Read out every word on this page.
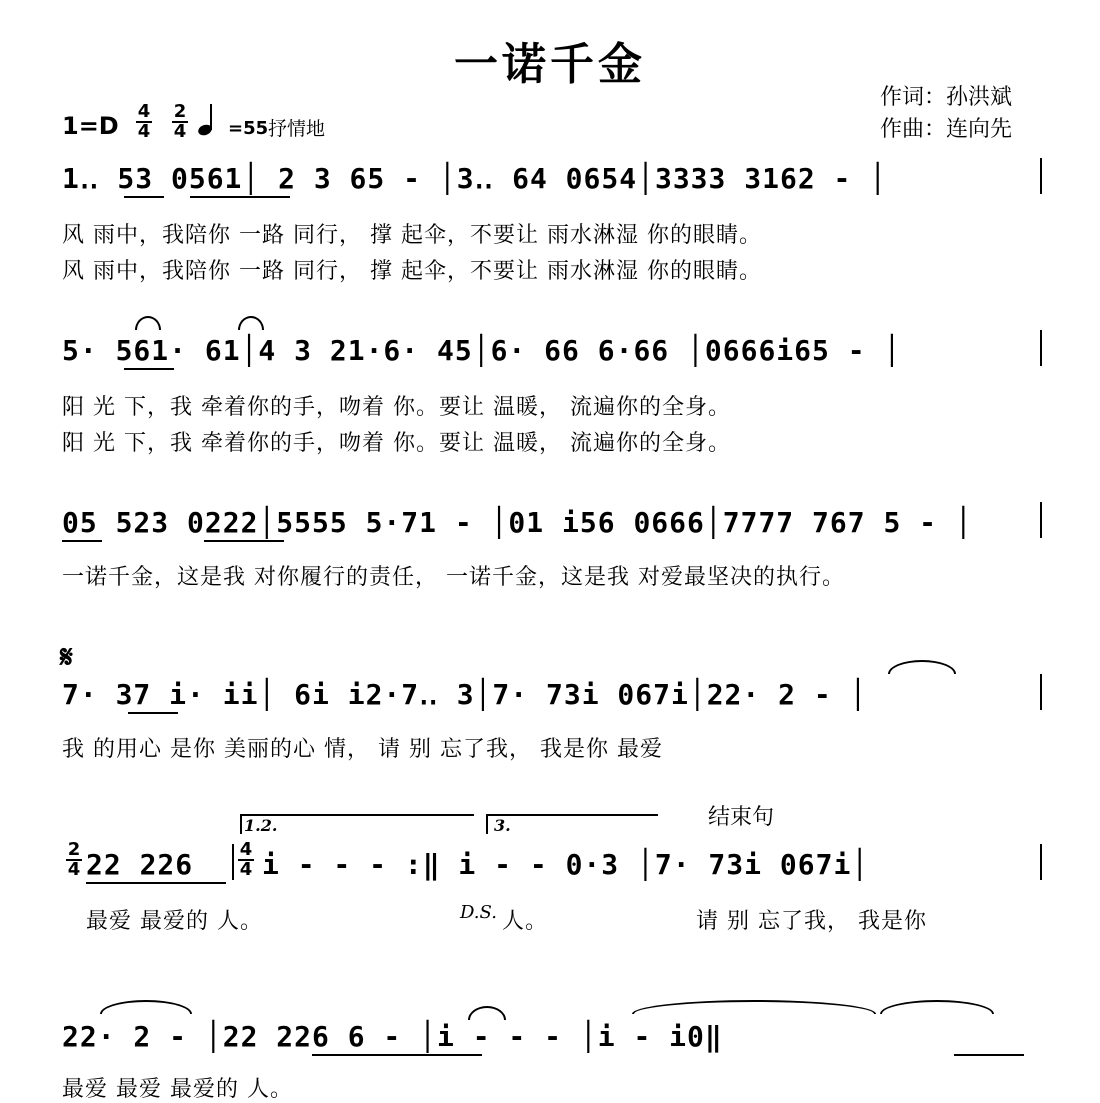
一诺千金
作词：孙洪斌
作曲：连向先
1=D
4
4
2
4 =55 抒情地
1‥ 53 0561│ 2 3 65 - │3‥ 64 0654│3333 3162 - │
风 雨中，我陪你 一路 同行， 撑 起伞，不要让 雨水淋湿 你的眼睛。
风 雨中，我陪你 一路 同行， 撑 起伞，不要让 雨水淋湿 你的眼睛。
5· 561· 61│4 3 21·6· 45│6· 66 6·66 │0666i65 - │
阳 光 下，我 牵着你的手，吻着 你。要让 温暖， 流遍你的全身。
阳 光 下，我 牵着你的手，吻着 你。要让 温暖， 流遍你的全身。
05 523 0222│5555 5·71 - │01 i56 0666│7777 767 5 - │
一诺千金，这是我 对你履行的责任， 一诺千金，这是我 对爱最坚决的执行。
𝄋
7· 37 i· ii│ 6i i2·7‥ 3│7· 73i 067i│22· 2 - │
我 的用心 是你 美丽的心 情， 请 别 忘了我， 我是你 最爱
1.2.	3.	结束句
2
4 22 226	4
4 i - - - :‖ i - - 0·3 │7· 73i 067i│
最爱 最爱的 人。	D.S. 人。	请 别 忘了我， 我是你
22· 2 - │22 226 6 - │i - - - │i - i0‖
最爱 最爱 最爱的 人。
